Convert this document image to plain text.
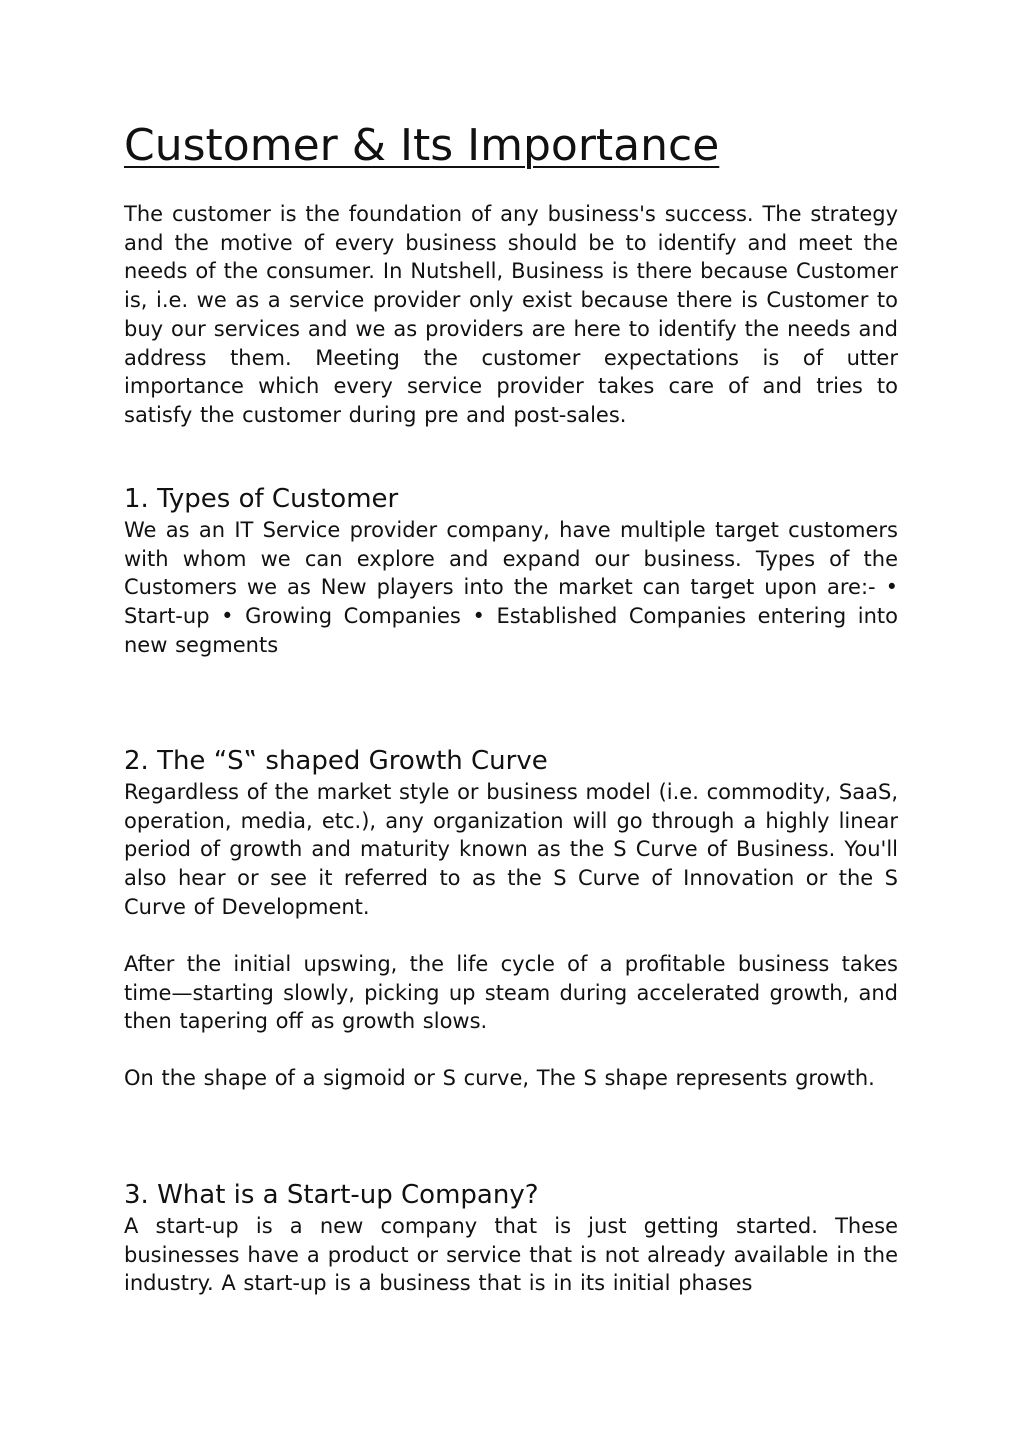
Customer & Its Importance

The customer is the foundation of any business's success. The strategy and the motive of every business should be to identify and meet the needs of the consumer. In Nutshell, Business is there because Customer is, i.e. we as a service provider only exist because there is Customer to buy our services and we as providers are here to identify the needs and address them. Meeting the customer expectations is of utter importance which every service provider takes care of and tries to satisfy the customer during pre and post-sales.

1. Types of Customer

We as an IT Service provider company, have multiple target customers with whom we can explore and expand our business. Types of the Customers we as New players into the market can target upon are:- • Start-up • Growing Companies • Established Companies entering into new segments

2. The “S‟ shaped Growth Curve

Regardless of the market style or business model (i.e. commodity, SaaS, operation, media, etc.), any organization will go through a highly linear period of growth and maturity known as the S Curve of Business. You'll also hear or see it referred to as the S Curve of Innovation or the S Curve of Development.

After the initial upswing, the life cycle of a profitable business takes time—starting slowly, picking up steam during accelerated growth, and then tapering off as growth slows.

On the shape of a sigmoid or S curve, The S shape represents growth.

3. What is a Start-up Company?

A start-up is a new company that is just getting started. These businesses have a product or service that is not already available in the industry. A start-up is a business that is in its initial phases
